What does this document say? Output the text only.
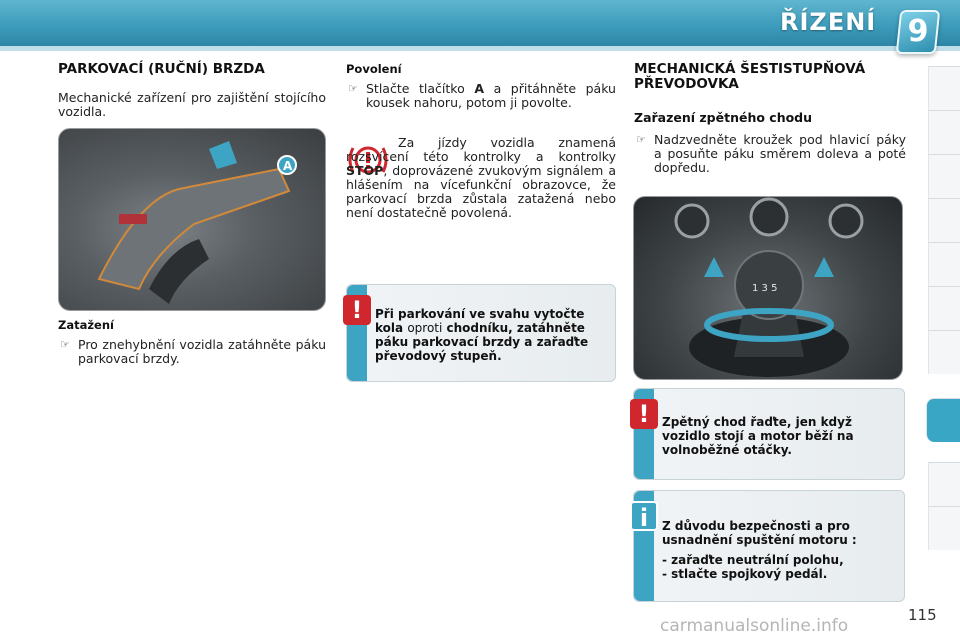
ŘÍZENÍ 9
PARKOVACÍ (RUČNÍ) BRZDA

Mechanické zařízení pro zajištění stojícího vozidla.

A
Zatažení
☞ Pro znehybnění vozidla zatáhněte páku parkovací brzdy.
Povolení
☞ Stlačte tlačítko A a přitáhněte páku kousek nahoru, potom ji povolte.

Za jízdy vozidla znamená rozsvícení této kontrolky a kontrolky STOP, doprovázené zvukovým signálem a hlášením na vícefunkční obrazovce, že parkovací brzda zůstala zatažená nebo není dostatečně povolená.

!	Při parkování ve svahu vytočte kola oproti chodníku, zatáhněte páku parkovací brzdy a zařaďte převodový stupeň.
MECHANICKÁ ŠESTISTUPŇOVÁ PŘEVODOVKA
Zařazení zpětného chodu
☞ Nadzvedněte kroužek pod hlavicí páky a posuňte páku směrem doleva a poté dopředu.
1 3 5
!	Zpětný chod řaďte, jen když vozidlo stojí a motor běží na volnoběžné otáčky.
i	Z důvodu bezpečnosti a pro usnadnění spuštění motoru :
- zařaďte neutrální polohu,
- stlačte spojkový pedál.
115
carmanualsonline.info
